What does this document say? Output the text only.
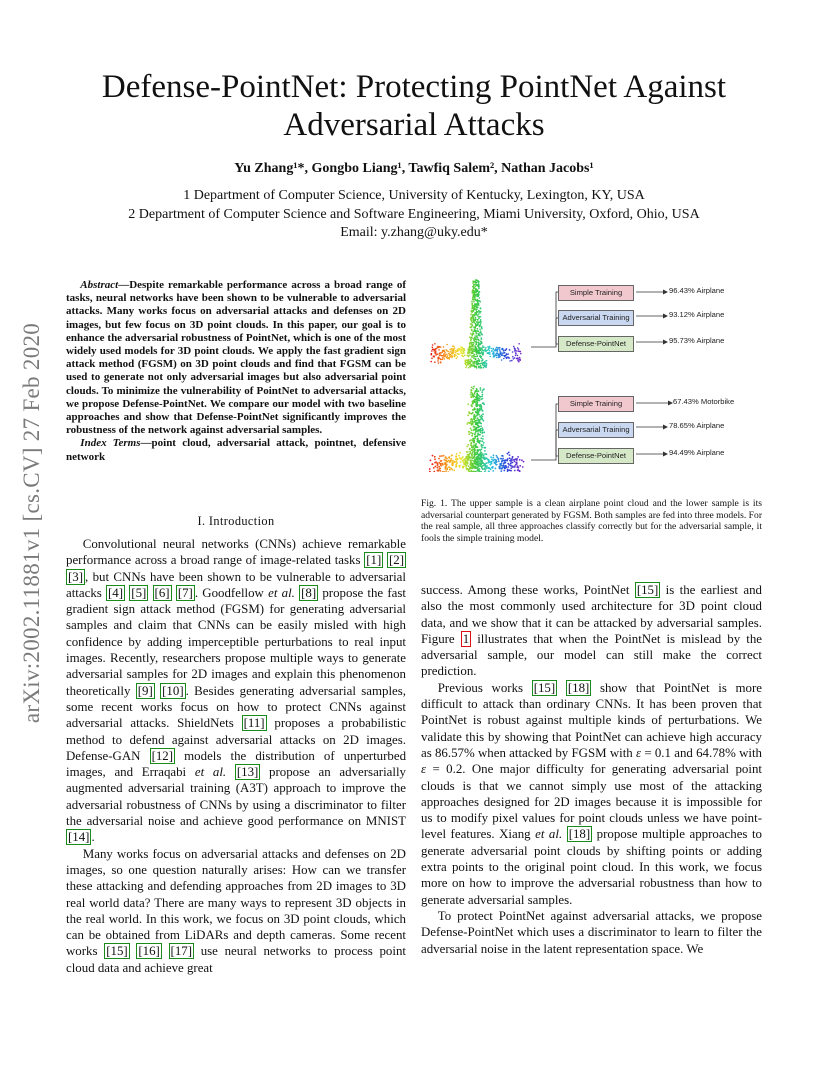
arXiv:2002.11881v1 [cs.CV] 27 Feb 2020
Defense-PointNet: Protecting PointNet Against Adversarial Attacks
Yu Zhang¹*, Gongbo Liang¹, Tawfiq Salem², Nathan Jacobs¹
1 Department of Computer Science, University of Kentucky, Lexington, KY, USA
2 Department of Computer Science and Software Engineering, Miami University, Oxford, Ohio, USA
Email: y.zhang@uky.edu*

Abstract—Despite remarkable performance across a broad range of tasks, neural networks have been shown to be vulnerable to adversarial attacks. Many works focus on adversarial attacks and defenses on 2D images, but few focus on 3D point clouds. In this paper, our goal is to enhance the adversarial robustness of PointNet, which is one of the most widely used models for 3D point clouds. We apply the fast gradient sign attack method (FGSM) on 3D point clouds and find that FGSM can be used to generate not only adversarial images but also adversarial point clouds. To minimize the vulnerability of PointNet to adversarial attacks, we propose Defense-PointNet. We compare our model with two baseline approaches and show that Defense-PointNet significantly improves the robustness of the network against adversarial samples.

Index Terms—point cloud, adversarial attack, pointnet, defensive network

I. Introduction

Convolutional neural networks (CNNs) achieve remarkable performance across a broad range of image-related tasks [1] [2] [3] , but CNNs have been shown to be vulnerable to adversarial attacks [4] [5] [6] [7] . Goodfellow et al. [8] propose the fast gradient sign attack method (FGSM) for generating adversarial samples and claim that CNNs can be easily misled with high confidence by adding imperceptible perturbations to real input images. Recently, researchers propose multiple ways to generate adversarial samples for 2D images and explain this phenomenon theoretically [9] [10] . Besides generating adversarial samples, some recent works focus on how to protect CNNs against adversarial attacks. ShieldNets [11] proposes a probabilistic method to defend against adversarial attacks on 2D images. Defense-GAN [12] models the distribution of unperturbed images, and Erraqabi et al. [13] propose an adversarially augmented adversarial training (A3T) approach to improve the adversarial robustness of CNNs by using a discriminator to filter the adversarial noise and achieve good performance on MNIST [14] .

Many works focus on adversarial attacks and defenses on 2D images, so one question naturally arises: How can we transfer these attacking and defending approaches from 2D images to 3D real world data? There are many ways to represent 3D objects in the real world. In this work, we focus on 3D point clouds, which can be obtained from LiDARs and depth cameras. Some recent works [15] [16] [17] use neural networks to process point cloud data and achieve great

Simple Training
Adversarial Training
Defense-PointNet
96.43% Airplane
93.12% Airplane
95.73% Airplane
Simple Training
Adversarial Training
Defense-PointNet
67.43% Motorbike
78.65% Airplane
94.49% Airplane
Fig. 1. The upper sample is a clean airplane point cloud and the lower sample is its adversarial counterpart generated by FGSM. Both samples are fed into three models. For the real sample, all three approaches classify correctly but for the adversarial sample, it fools the simple training model.

success. Among these works, PointNet [15] is the earliest and also the most commonly used architecture for 3D point cloud data, and we show that it can be attacked by adversarial samples. Figure 1 illustrates that when the PointNet is mislead by the adversarial sample, our model can still make the correct prediction.

Previous works [15] [18] show that PointNet is more difficult to attack than ordinary CNNs. It has been proven that PointNet is robust against multiple kinds of perturbations. We validate this by showing that PointNet can achieve high accuracy as 86.57% when attacked by FGSM with ε = 0.1 and 64.78% with ε = 0.2. One major difficulty for generating adversarial point clouds is that we cannot simply use most of the attacking approaches designed for 2D images because it is impossible for us to modify pixel values for point clouds unless we have point-level features. Xiang et al. [18] propose multiple approaches to generate adversarial point clouds by shifting points or adding extra points to the original point cloud. In this work, we focus more on how to improve the adversarial robustness than how to generate adversarial samples.

To protect PointNet against adversarial attacks, we propose Defense-PointNet which uses a discriminator to learn to filter the adversarial noise in the latent representation space. We
